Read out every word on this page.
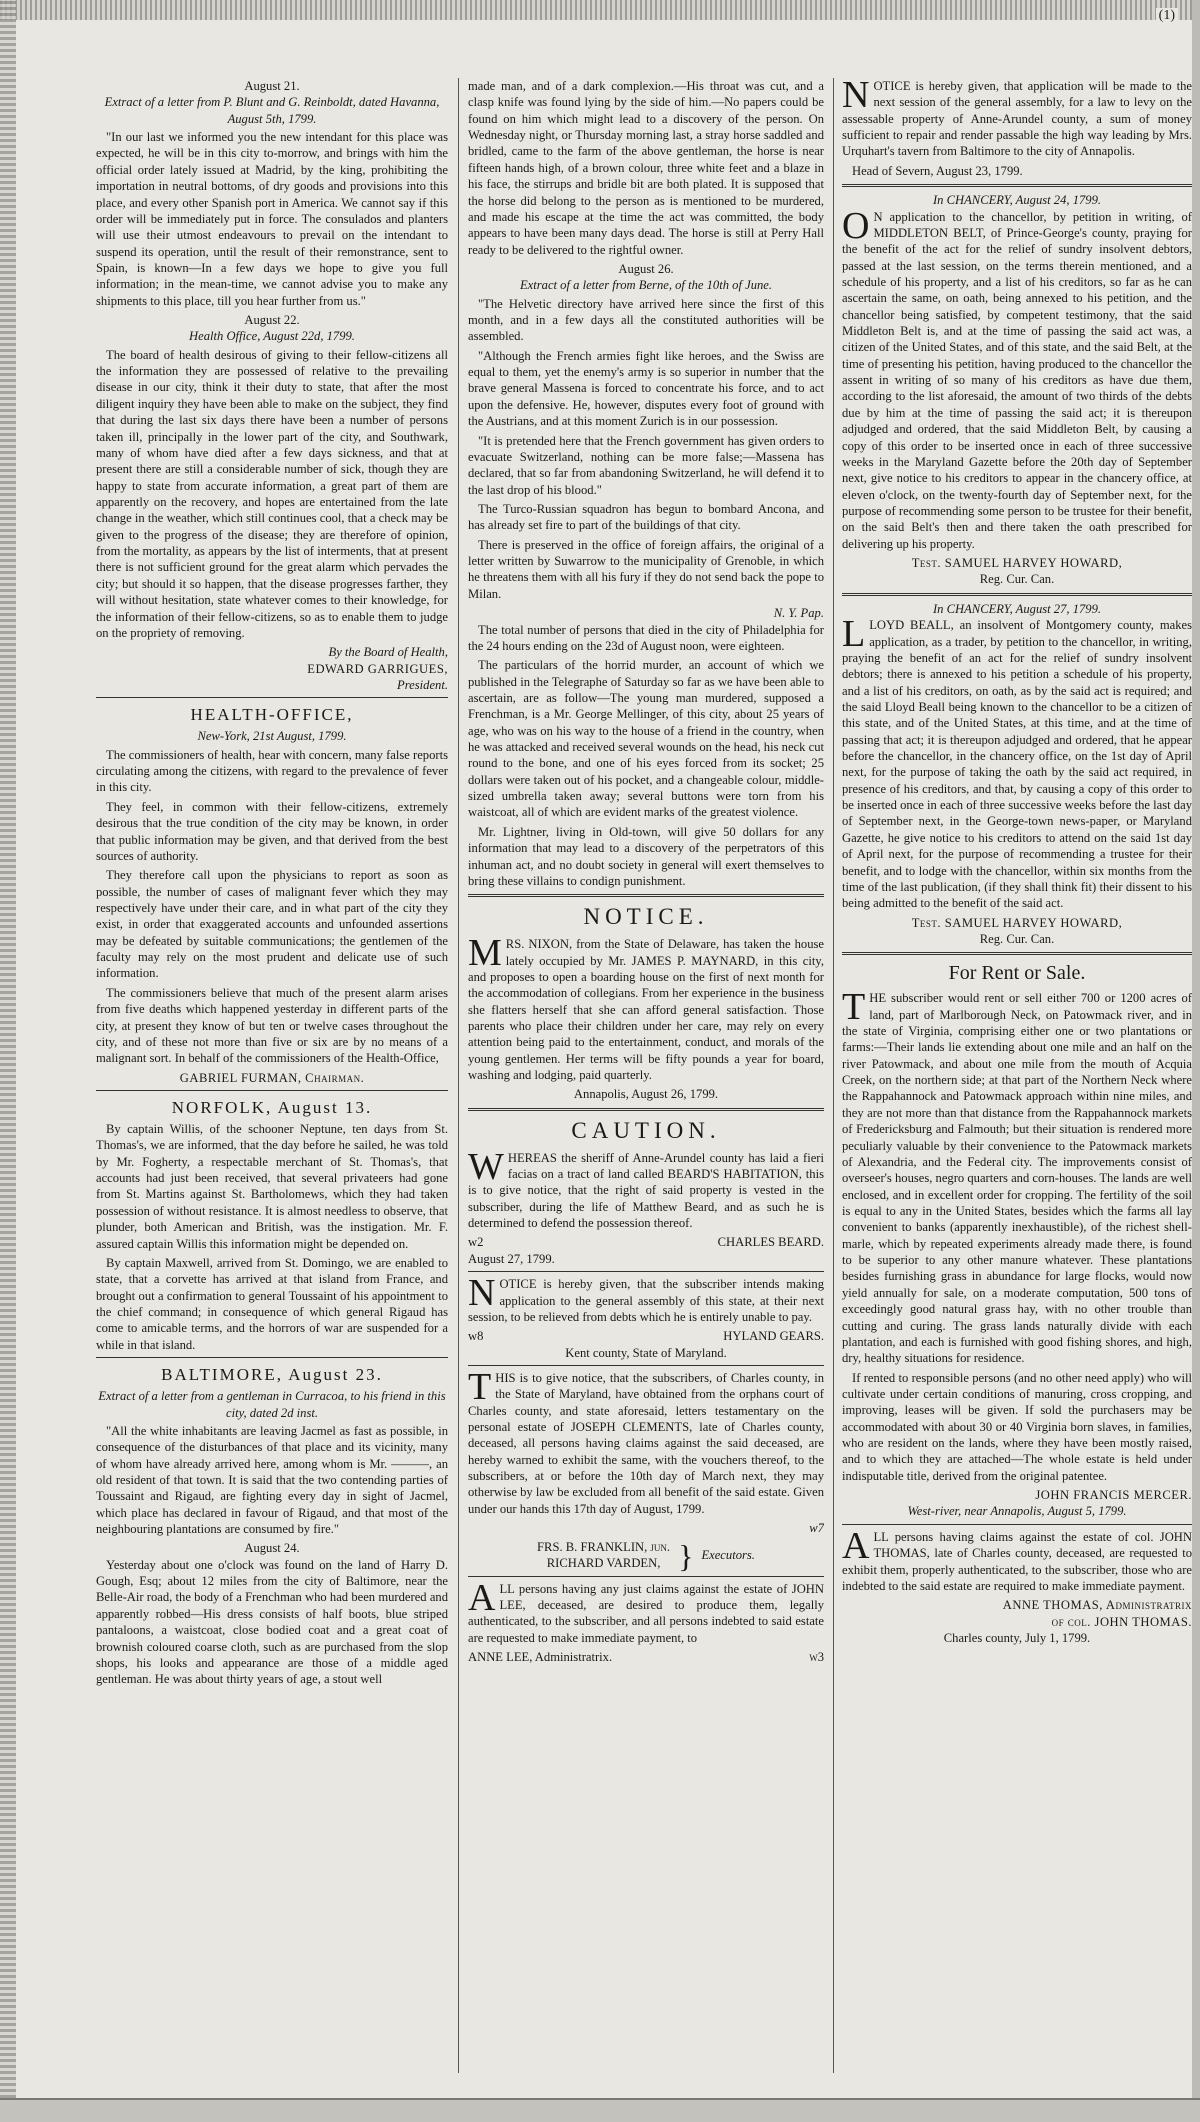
(1)

August 21.

Extract of a letter from P. Blunt and G. Reinboldt, dated Havanna, August 5th, 1799.

"In our last we informed you the new intendant for this place was expected, he will be in this city to-morrow, and brings with him the official order lately issued at Madrid, by the king, prohibiting the importation in neutral bottoms, of dry goods and provisions into this place, and every other Spanish port in America. We cannot say if this order will be immediately put in force. The consulados and planters will use their utmost endeavours to prevail on the intendant to suspend its operation, until the result of their remonstrance, sent to Spain, is known—In a few days we hope to give you full information; in the mean-time, we cannot advise you to make any shipments to this place, till you hear further from us."

August 22.

Health Office, August 22d, 1799.

The board of health desirous of giving to their fellow-citizens all the information they are possessed of relative to the prevailing disease in our city, think it their duty to state, that after the most diligent inquiry they have been able to make on the subject, they find that during the last six days there have been a number of persons taken ill, principally in the lower part of the city, and Southwark, many of whom have died after a few days sickness, and that at present there are still a considerable number of sick, though they are happy to state from accurate information, a great part of them are apparently on the recovery, and hopes are entertained from the late change in the weather, which still continues cool, that a check may be given to the progress of the disease; they are therefore of opinion, from the mortality, as appears by the list of interments, that at present there is not sufficient ground for the great alarm which pervades the city; but should it so happen, that the disease progresses farther, they will without hesitation, state whatever comes to their knowledge, for the information of their fellow-citizens, so as to enable them to judge on the propriety of removing.

By the Board of Health,

EDWARD GARRIGUES,

President.

HEALTH-OFFICE,

New-York, 21st August, 1799.

The commissioners of health, hear with concern, many false reports circulating among the citizens, with regard to the prevalence of fever in this city.

They feel, in common with their fellow-citizens, extremely desirous that the true condition of the city may be known, in order that public information may be given, and that derived from the best sources of authority.

They therefore call upon the physicians to report as soon as possible, the number of cases of malignant fever which they may respectively have under their care, and in what part of the city they exist, in order that exaggerated accounts and unfounded assertions may be defeated by suitable communications; the gentlemen of the faculty may rely on the most prudent and delicate use of such information.

The commissioners believe that much of the present alarm arises from five deaths which happened yesterday in different parts of the city, at present they know of but ten or twelve cases throughout the city, and of these not more than five or six are by no means of a malignant sort. In behalf of the commissioners of the Health-Office,

GABRIEL FURMAN, Chairman.

NORFOLK, August 13.

By captain Willis, of the schooner Neptune, ten days from St. Thomas's, we are informed, that the day before he sailed, he was told by Mr. Fogherty, a respectable merchant of St. Thomas's, that accounts had just been received, that several privateers had gone from St. Martins against St. Bartholomews, which they had taken possession of without resistance. It is almost needless to observe, that plunder, both American and British, was the instigation. Mr. F. assured captain Willis this information might be depended on.

By captain Maxwell, arrived from St. Domingo, we are enabled to state, that a corvette has arrived at that island from France, and brought out a confirmation to general Toussaint of his appointment to the chief command; in consequence of which general Rigaud has come to amicable terms, and the horrors of war are suspended for a while in that island.

BALTIMORE, August 23.

Extract of a letter from a gentleman in Curracoa, to his friend in this city, dated 2d inst.

"All the white inhabitants are leaving Jacmel as fast as possible, in consequence of the disturbances of that place and its vicinity, many of whom have already arrived here, among whom is Mr. ———, an old resident of that town. It is said that the two contending parties of Toussaint and Rigaud, are fighting every day in sight of Jacmel, which place has declared in favour of Rigaud, and that most of the neighbouring plantations are consumed by fire."

August 24.

Yesterday about one o'clock was found on the land of Harry D. Gough, Esq; about 12 miles from the city of Baltimore, near the Belle-Air road, the body of a Frenchman who had been murdered and apparently robbed—His dress consists of half boots, blue striped pantaloons, a waistcoat, close bodied coat and a great coat of brownish coloured coarse cloth, such as are purchased from the slop shops, his looks and appearance are those of a middle aged gentleman. He was about thirty years of age, a stout well

made man, and of a dark complexion.—His throat was cut, and a clasp knife was found lying by the side of him.—No papers could be found on him which might lead to a discovery of the person. On Wednesday night, or Thursday morning last, a stray horse saddled and bridled, came to the farm of the above gentleman, the horse is near fifteen hands high, of a brown colour, three white feet and a blaze in his face, the stirrups and bridle bit are both plated. It is supposed that the horse did belong to the person as is mentioned to be murdered, and made his escape at the time the act was committed, the body appears to have been many days dead. The horse is still at Perry Hall ready to be delivered to the rightful owner.

August 26.

Extract of a letter from Berne, of the 10th of June.

"The Helvetic directory have arrived here since the first of this month, and in a few days all the constituted authorities will be assembled.

"Although the French armies fight like heroes, and the Swiss are equal to them, yet the enemy's army is so superior in number that the brave general Massena is forced to concentrate his force, and to act upon the defensive. He, however, disputes every foot of ground with the Austrians, and at this moment Zurich is in our possession.

"It is pretended here that the French government has given orders to evacuate Switzerland, nothing can be more false;—Massena has declared, that so far from abandoning Switzerland, he will defend it to the last drop of his blood."

The Turco-Russian squadron has begun to bombard Ancona, and has already set fire to part of the buildings of that city.

There is preserved in the office of foreign affairs, the original of a letter written by Suwarrow to the municipality of Grenoble, in which he threatens them with all his fury if they do not send back the pope to Milan.

N. Y. Pap.

The total number of persons that died in the city of Philadelphia for the 24 hours ending on the 23d of August noon, were eighteen.

The particulars of the horrid murder, an account of which we published in the Telegraphe of Saturday so far as we have been able to ascertain, are as follow—The young man murdered, supposed a Frenchman, is a Mr. George Mellinger, of this city, about 25 years of age, who was on his way to the house of a friend in the country, when he was attacked and received several wounds on the head, his neck cut round to the bone, and one of his eyes forced from its socket; 25 dollars were taken out of his pocket, and a changeable colour, middle-sized umbrella taken away; several buttons were torn from his waistcoat, all of which are evident marks of the greatest violence.

Mr. Lightner, living in Old-town, will give 50 dollars for any information that may lead to a discovery of the perpetrators of this inhuman act, and no doubt society in general will exert themselves to bring these villains to condign punishment.

NOTICE.

MRS. NIXON, from the State of Delaware, has taken the house lately occupied by Mr. JAMES P. MAYNARD, in this city, and proposes to open a boarding house on the first of next month for the accommodation of collegians. From her experience in the business she flatters herself that she can afford general satisfaction. Those parents who place their children under her care, may rely on every attention being paid to the entertainment, conduct, and morals of the young gentlemen. Her terms will be fifty pounds a year for board, washing and lodging, paid quarterly.

Annapolis, August 26, 1799.

CAUTION.

WHEREAS the sheriff of Anne-Arundel county has laid a fieri facias on a tract of land called BEARD'S HABITATION, this is to give notice, that the right of said property is vested in the subscriber, during the life of Matthew Beard, and as such he is determined to defend the possession thereof.

w2	CHARLES BEARD.

August 27, 1799.

NOTICE is hereby given, that the subscriber intends making application to the general assembly of this state, at their next session, to be relieved from debts which he is entirely unable to pay.

w8	HYLAND GEARS.

Kent county, State of Maryland.

THIS is to give notice, that the subscribers, of Charles county, in the State of Maryland, have obtained from the orphans court of Charles county, and state aforesaid, letters testamentary on the personal estate of JOSEPH CLEMENTS, late of Charles county, deceased, all persons having claims against the said deceased, are hereby warned to exhibit the same, with the vouchers thereof, to the subscribers, at or before the 10th day of March next, they may otherwise by law be excluded from all benefit of the said estate. Given under our hands this 17th day of August, 1799.

w7

FRS. B. FRANKLIN, jun.
RICHARD VARDEN, } Executors.

ALL persons having any just claims against the estate of JOHN LEE, deceased, are desired to produce them, legally authenticated, to the subscriber, and all persons indebted to said estate are requested to make immediate payment, to

ANNE LEE, Administratrix.	w3

NOTICE is hereby given, that application will be made to the next session of the general assembly, for a law to levy on the assessable property of Anne-Arundel county, a sum of money sufficient to repair and render passable the high way leading by Mrs. Urquhart's tavern from Baltimore to the city of Annapolis.

Head of Severn, August 23, 1799.

In CHANCERY, August 24, 1799.

O N application to the chancellor, by petition in writing, of MIDDLETON BELT, of Prince-George's county, praying for the benefit of the act for the relief of sundry insolvent debtors, passed at the last session, on the terms therein mentioned, and a schedule of his property, and a list of his creditors, so far as he can ascertain the same, on oath, being annexed to his petition, and the chancellor being satisfied, by competent testimony, that the said Middleton Belt is, and at the time of passing the said act was, a citizen of the United States, and of this state, and the said Belt, at the time of presenting his petition, having produced to the chancellor the assent in writing of so many of his creditors as have due them, according to the list aforesaid, the amount of two thirds of the debts due by him at the time of passing the said act; it is thereupon adjudged and ordered, that the said Middleton Belt, by causing a copy of this order to be inserted once in each of three successive weeks in the Maryland Gazette before the 20th day of September next, give notice to his creditors to appear in the chancery office, at eleven o'clock, on the twenty-fourth day of September next, for the purpose of recommending some person to be trustee for their benefit, on the said Belt's then and there taken the oath prescribed for delivering up his property.

Test. SAMUEL HARVEY HOWARD,

Reg. Cur. Can.

In CHANCERY, August 27, 1799.

LLOYD BEALL, an insolvent of Montgomery county, makes application, as a trader, by petition to the chancellor, in writing, praying the benefit of an act for the relief of sundry insolvent debtors; there is annexed to his petition a schedule of his property, and a list of his creditors, on oath, as by the said act is required; and the said Lloyd Beall being known to the chancellor to be a citizen of this state, and of the United States, at this time, and at the time of passing that act; it is thereupon adjudged and ordered, that he appear before the chancellor, in the chancery office, on the 1st day of April next, for the purpose of taking the oath by the said act required, in presence of his creditors, and that, by causing a copy of this order to be inserted once in each of three successive weeks before the last day of September next, in the George-town news-paper, or Maryland Gazette, he give notice to his creditors to attend on the said 1st day of April next, for the purpose of recommending a trustee for their benefit, and to lodge with the chancellor, within six months from the time of the last publication, (if they shall think fit) their dissent to his being admitted to the benefit of the said act.

Test. SAMUEL HARVEY HOWARD,

Reg. Cur. Can.

For Rent or Sale.

THE subscriber would rent or sell either 700 or 1200 acres of land, part of Marlborough Neck, on Patowmack river, and in the state of Virginia, comprising either one or two plantations or farms:—Their lands lie extending about one mile and an half on the river Patowmack, and about one mile from the mouth of Acquia Creek, on the northern side; at that part of the Northern Neck where the Rappahannock and Patowmack approach within nine miles, and they are not more than that distance from the Rappahannock markets of Fredericksburg and Falmouth; but their situation is rendered more peculiarly valuable by their convenience to the Patowmack markets of Alexandria, and the Federal city. The improvements consist of overseer's houses, negro quarters and corn-houses. The lands are well enclosed, and in excellent order for cropping. The fertility of the soil is equal to any in the United States, besides which the farms all lay convenient to banks (apparently inexhaustible), of the richest shell-marle, which by repeated experiments already made there, is found to be superior to any other manure whatever. These plantations besides furnishing grass in abundance for large flocks, would now yield annually for sale, on a moderate computation, 500 tons of exceedingly good natural grass hay, with no other trouble than cutting and curing. The grass lands naturally divide with each plantation, and each is furnished with good fishing shores, and high, dry, healthy situations for residence.

If rented to responsible persons (and no other need apply) who will cultivate under certain conditions of manuring, cross cropping, and improving, leases will be given. If sold the purchasers may be accommodated with about 30 or 40 Virginia born slaves, in families, who are resident on the lands, where they have been mostly raised, and to which they are attached—The whole estate is held under indisputable title, derived from the original patentee.

JOHN FRANCIS MERCER.

West-river, near Annapolis, August 5, 1799.

ALL persons having claims against the estate of col. JOHN THOMAS, late of Charles county, deceased, are requested to exhibit them, properly authenticated, to the subscriber, those who are indebted to the said estate are required to make immediate payment.

ANNE THOMAS, Administratrix

of col. JOHN THOMAS.

Charles county, July 1, 1799.
